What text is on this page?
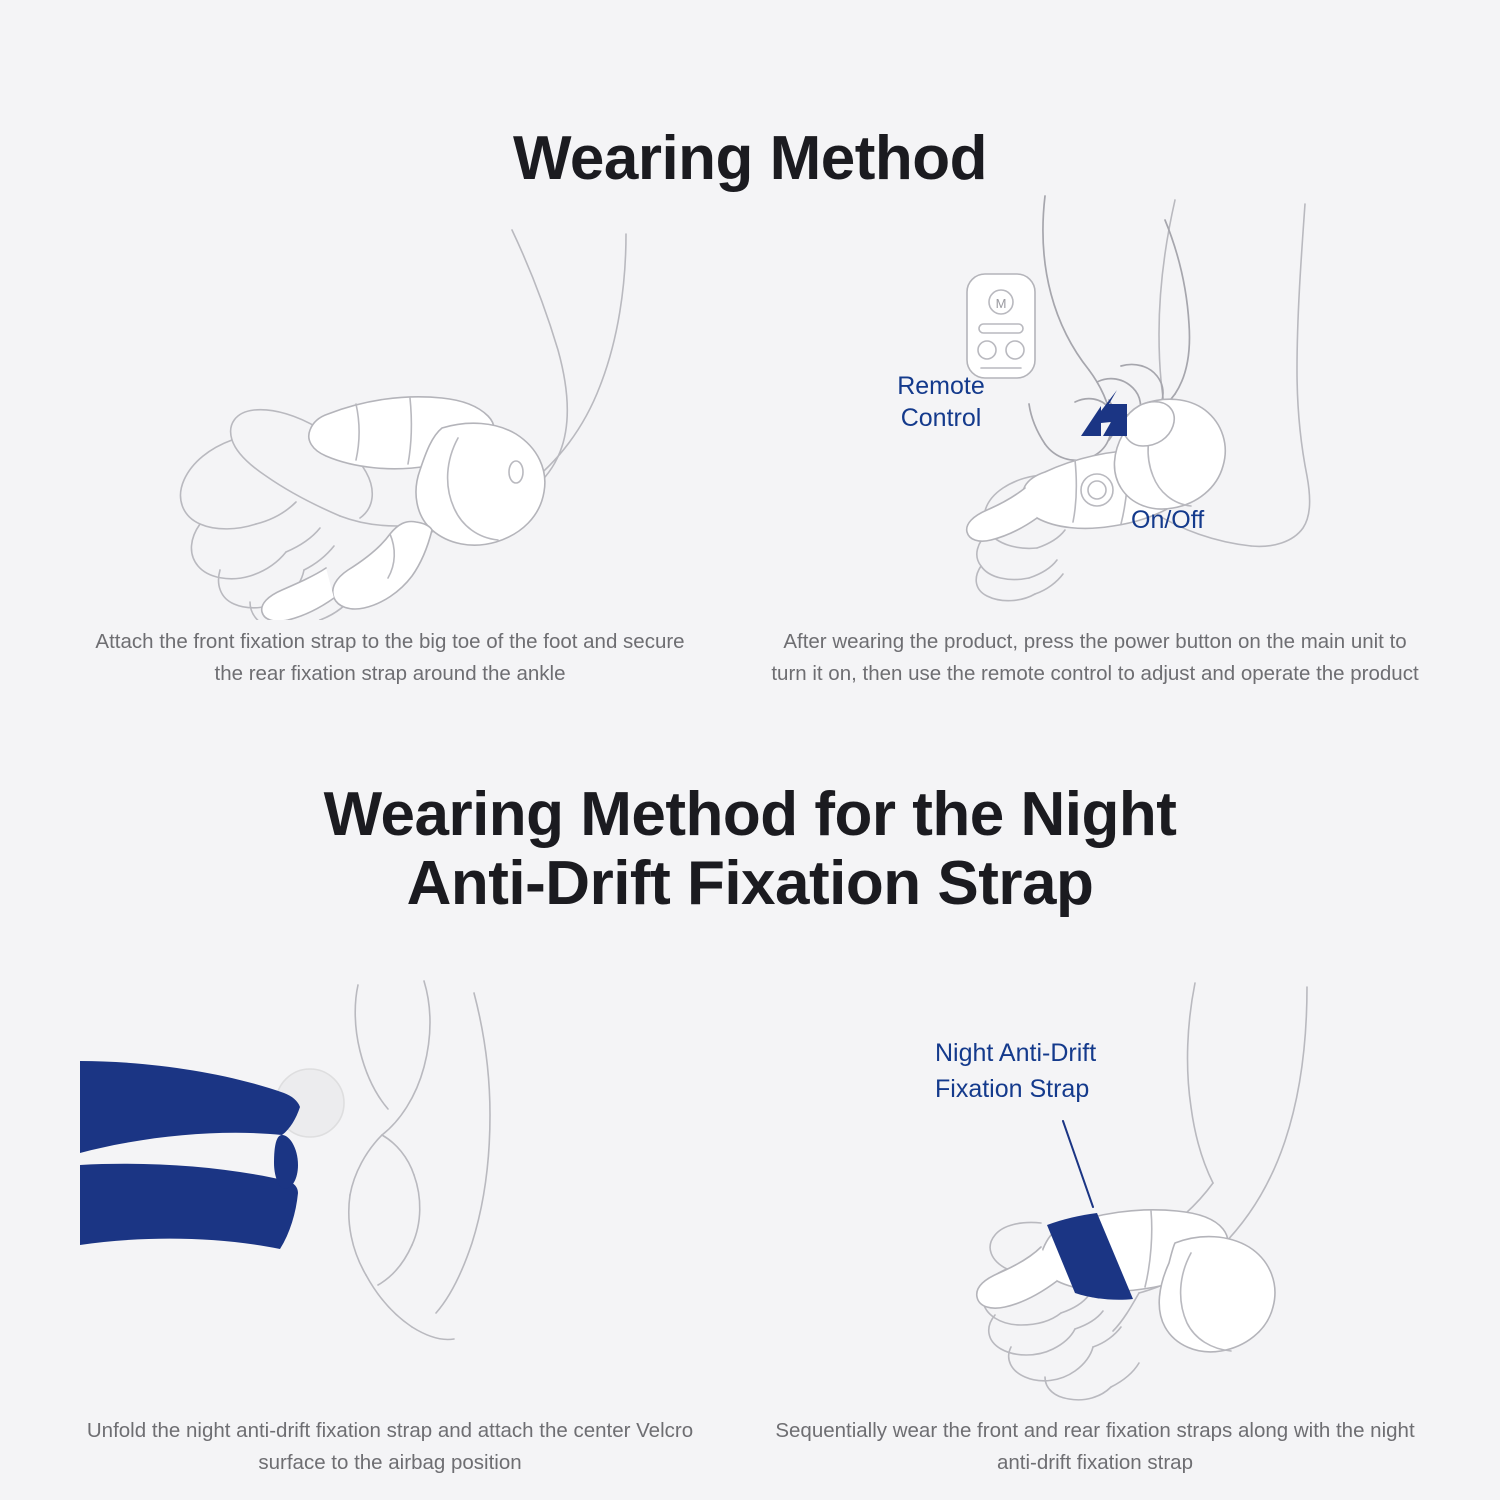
Wearing Method

Attach the front fixation strap to the big toe of the foot and secure the rear fixation strap around the ankle

M
Remote
Control
On/Off

After wearing the product, press the power button on the main unit to turn it on, then use the remote control to adjust and operate the product

Wearing Method for the Night
Anti-Drift Fixation Strap

Unfold the night anti-drift fixation strap and attach the center Velcro surface to the airbag position

Night Anti-Drift
Fixation Strap

Sequentially wear the front and rear fixation straps along with the night anti-drift fixation strap
